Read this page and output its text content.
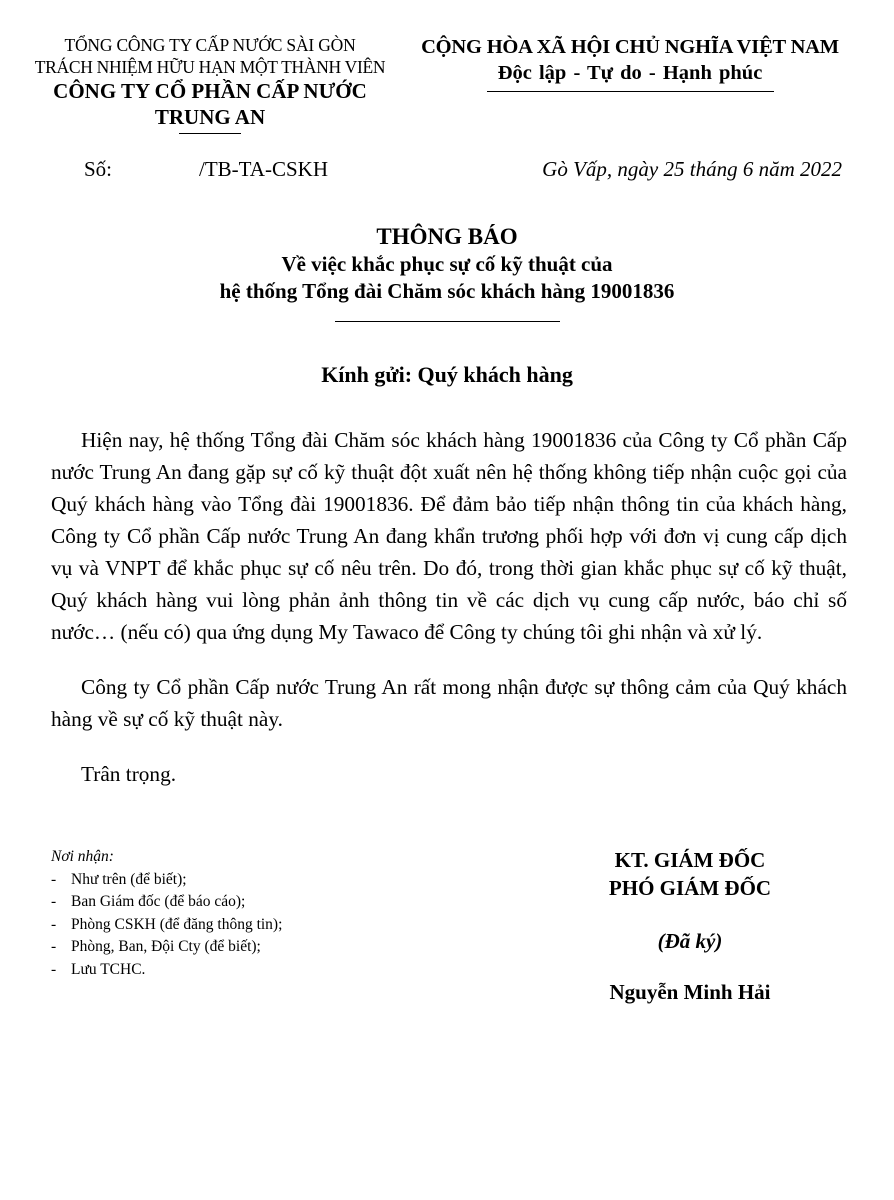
TỔNG CÔNG TY CẤP NƯỚC SÀI GÒN
TRÁCH NHIỆM HỮU HẠN MỘT THÀNH VIÊN
CÔNG TY CỔ PHẦN CẤP NƯỚC
TRUNG AN
CỘNG HÒA XÃ HỘI CHỦ NGHĨA VIỆT NAM
Độc lập - Tự do - Hạnh phúc
Số:	/TB-TA-CSKH	Gò Vấp, ngày 25 tháng 6 năm 2022
THÔNG BÁO
Về việc khắc phục sự cố kỹ thuật của
hệ thống Tổng đài Chăm sóc khách hàng 19001836
Kính gửi: Quý khách hàng

Hiện nay, hệ thống Tổng đài Chăm sóc khách hàng 19001836 của Công ty Cổ phần Cấp nước Trung An đang gặp sự cố kỹ thuật đột xuất nên hệ thống không tiếp nhận cuộc gọi của Quý khách hàng vào Tổng đài 19001836. Để đảm bảo tiếp nhận thông tin của khách hàng, Công ty Cổ phần Cấp nước Trung An đang khẩn trương phối hợp với đơn vị cung cấp dịch vụ và VNPT để khắc phục sự cố nêu trên. Do đó, trong thời gian khắc phục sự cố kỹ thuật, Quý khách hàng vui lòng phản ảnh thông tin về các dịch vụ cung cấp nước, báo chỉ số nước… (nếu có) qua ứng dụng My Tawaco để Công ty chúng tôi ghi nhận và xử lý.

Công ty Cổ phần Cấp nước Trung An rất mong nhận được sự thông cảm của Quý khách hàng về sự cố kỹ thuật này.

Trân trọng.

Nơi nhận:
- Như trên (để biết);
- Ban Giám đốc (để báo cáo);
- Phòng CSKH (để đăng thông tin);
- Phòng, Ban, Đội Cty (để biết);
- Lưu TCHC.
KT. GIÁM ĐỐC
PHÓ GIÁM ĐỐC
(Đã ký)
Nguyễn Minh Hải
